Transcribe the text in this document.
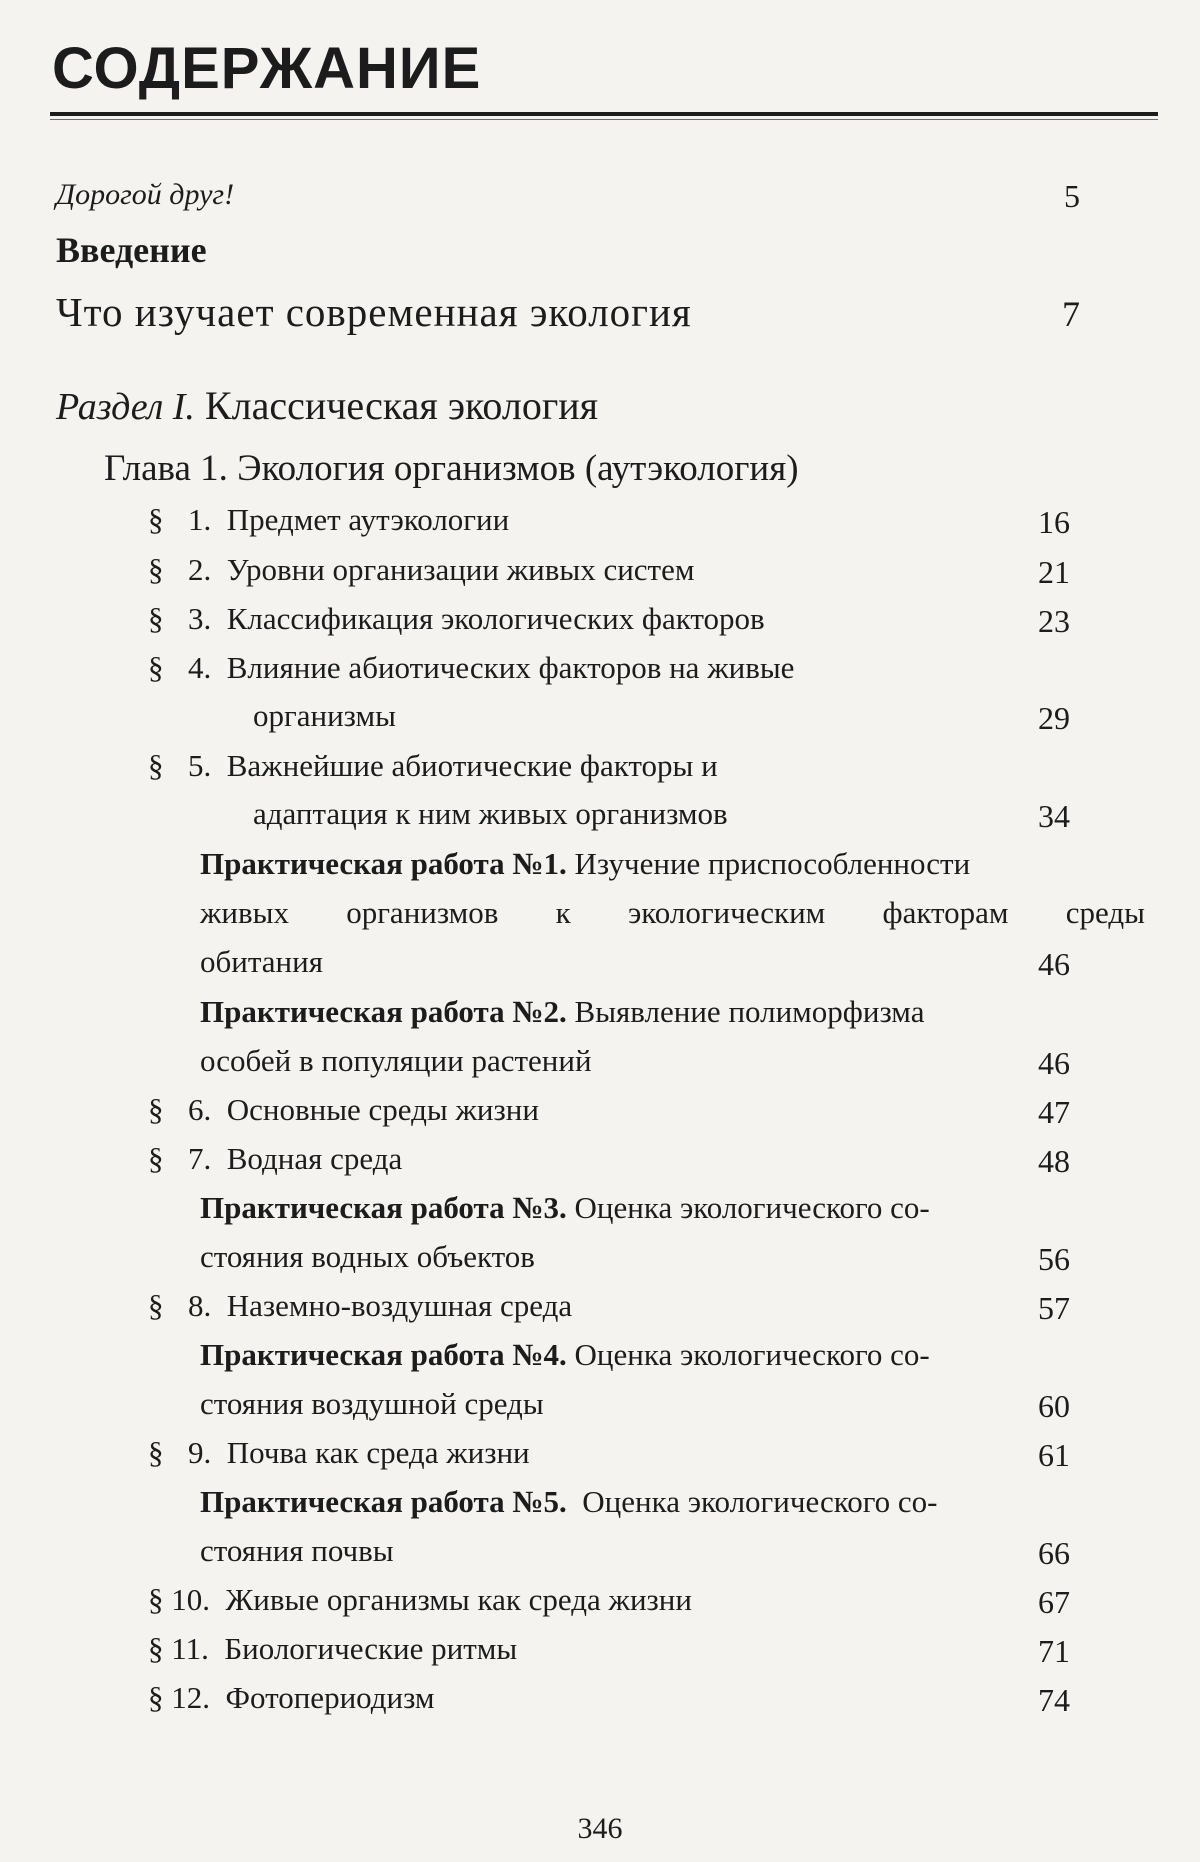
СОДЕРЖАНИЕ
Дорогой друг!	5
Введение
Что изучает современная экология	7
Раздел I. Классическая экология
Глава 1. Экология организмов (аутэкология)
§ 1. Предмет аутэкологии	16
§ 2. Уровни организации живых систем	21
§ 3. Классификация экологических факторов	23
§ 4. Влияние абиотических факторов на живые
организмы	29
§ 5. Важнейшие абиотические факторы и
адаптация к ним живых организмов	34
Практическая работа №1. Изучение приспособленности
живых организмов к экологическим факторам среды
обитания	46
Практическая работа №2. Выявление полиморфизма
особей в популяции растений	46
§ 6. Основные среды жизни	47
§ 7. Водная среда	48
Практическая работа №3. Оценка экологического со-
стояния водных объектов	56
§ 8. Наземно-воздушная среда	57
Практическая работа №4. Оценка экологического со-
стояния воздушной среды	60
§ 9. Почва как среда жизни	61
Практическая работа №5. Оценка экологического со-
стояния почвы	66
§ 10. Живые организмы как среда жизни	67
§ 11. Биологические ритмы	71
§ 12. Фотопериодизм	74
346
